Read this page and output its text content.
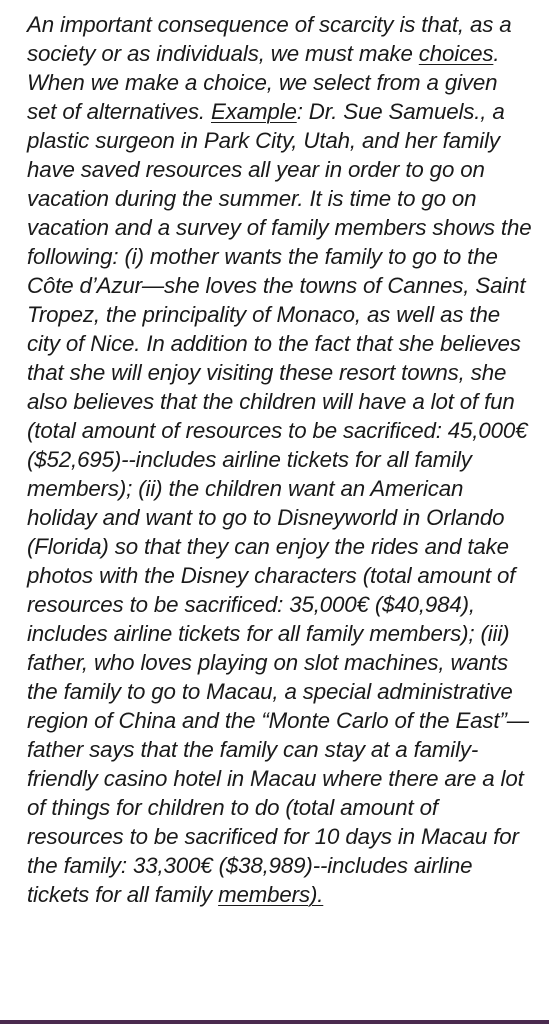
An important consequence of scarcity is that, as a society or as individuals, we must make choices. When we make a choice, we select from a given set of alternatives. Example: Dr. Sue Samuels., a plastic surgeon in Park City, Utah, and her family have saved resources all year in order to go on vacation during the summer. It is time to go on vacation and a survey of family members shows the following: (i) mother wants the family to go to the Côte d’Azur—she loves the towns of Cannes, Saint Tropez, the principality of Monaco, as well as the city of Nice. In addition to the fact that she believes that she will enjoy visiting these resort towns, she also believes that the children will have a lot of fun (total amount of resources to be sacrificed: 45,000€ ($52,695)--includes airline tickets for all family members); (ii) the children want an American holiday and want to go to Disneyworld in Orlando (Florida) so that they can enjoy the rides and take photos with the Disney characters (total amount of resources to be sacrificed: 35,000€ ($40,984), includes airline tickets for all family members); (iii) father, who loves playing on slot machines, wants the family to go to Macau, a special administrative region of China and the “Monte Carlo of the East”—father says that the family can stay at a family-friendly casino hotel in Macau where there are a lot of things for children to do (total amount of resources to be sacrificed for 10 days in Macau for the family: 33,300€ ($38,989)--includes airline tickets for all family members).
